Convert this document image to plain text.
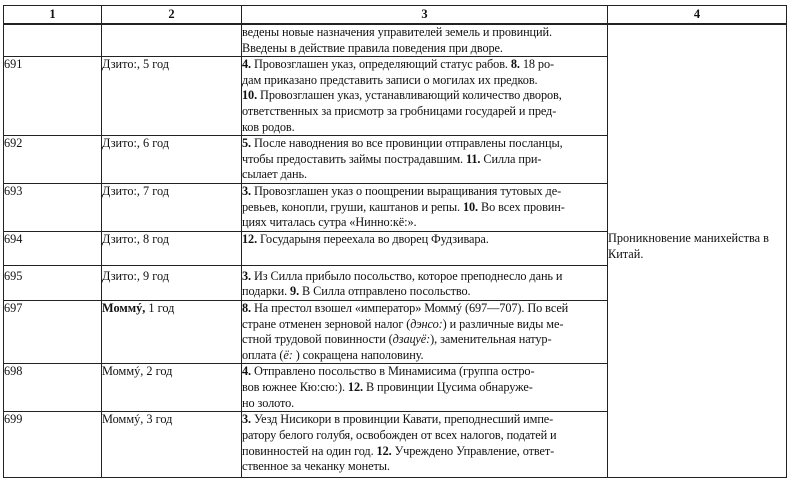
1	2	3	4

		ведены новые назначения управителей земель и провинций.
Введены в действие правила поведения при дворе.	Проникновение манихейства в
Китай.

691	Дзито:, 5 год	4. Провозглашен указ, определяющий статус рабов. 8. 18 ро-
дам приказано представить записи о могилах их предков.
10. Провозглашен указ, устанавливающий количество дворов,
ответственных за присмотр за гробницами государей и пред-
ков родов.	

692	Дзито:, 6 год	5. После наводнения во все провинции отправлены посланцы,
чтобы предоставить займы пострадавшим. 11. Силла при-
сылает дань.	

693	Дзито:, 7 год	3. Провозглашен указ о поощрении выращивания тутовых де-
ревьев, конопли, груши, каштанов и репы. 10. Во всех провин-
циях читалась сутра «Нинно:кё:».	

694	Дзито:, 8 год	12. Государыня переехала во дворец Фудзивара.	

695	Дзито:, 9 год	3. Из Силла прибыло посольство, которое преподнесло дань и
подарки. 9. В Силла отправлено посольство.	

697	Моммý, 1 год	8. На престол взошел «император» Моммý (697—707). По всей
стране отменен зерновой налог (дэнсо:) и различные виды ме-
стной трудовой повинности (дзацуё:), заменительная натур-
оплата (ё: ) сокращена наполовину.	

698	Моммý, 2 год	4. Отправлено посольство в Минамисима (группа остро-
вов южнее Кю:сю:). 12. В провинции Цусима обнаруже-
но золото.	

699	Моммý, 3 год	3. Уезд Нисикори в провинции Кавати, преподнесший импе-
ратору белого голубя, освобожден от всех налогов, податей и
повинностей на один год. 12. Учреждено Управление, ответ-
ственное за чеканку монеты.	
